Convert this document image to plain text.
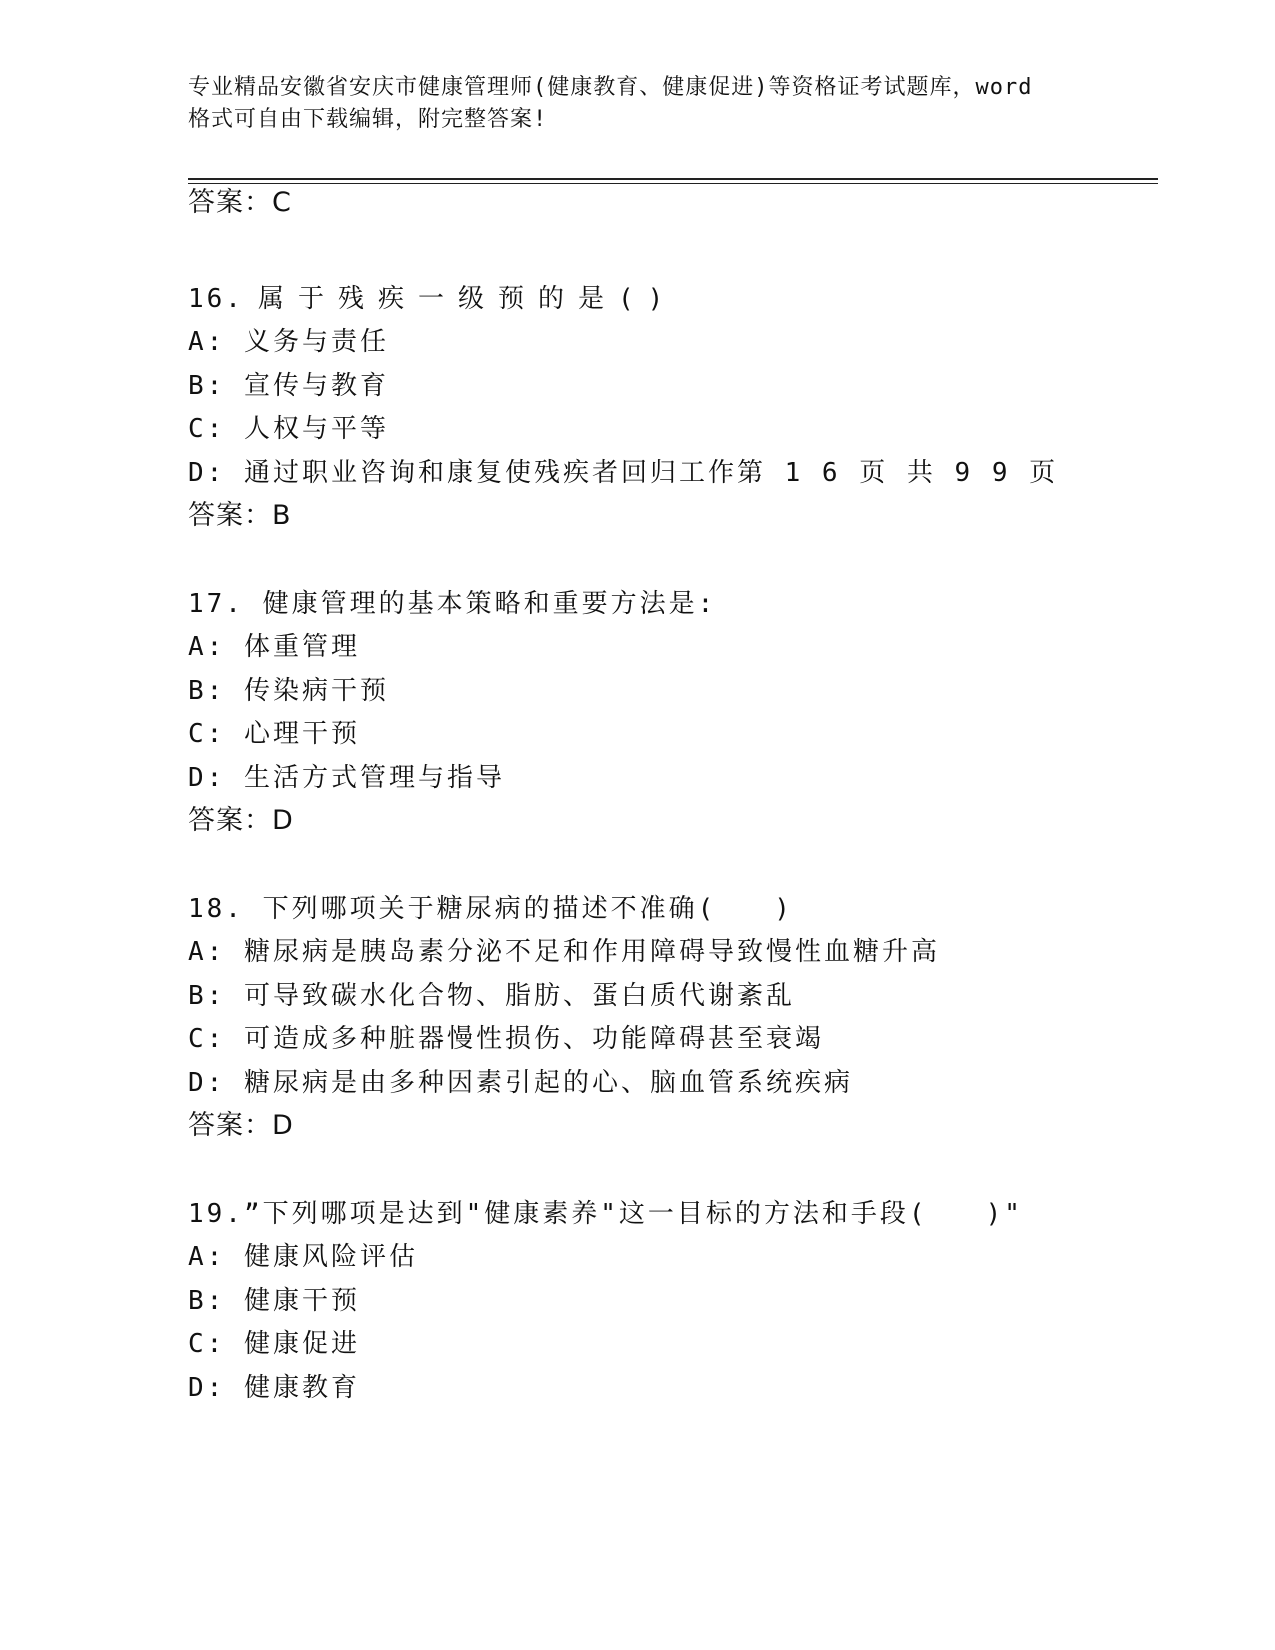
专业精品安徽省安庆市健康管理师(健康教育、健康促进)等资格证考试题库，word
格式可自由下载编辑，附完整答案!
答案：C
16. 属于残疾一级预的是()
A: 义务与责任
B: 宣传与教育
C: 人权与平等
D: 通过职业咨询和康复使残疾者回归工作第 1 6 页 共 9 9 页
答案：B
17. 健康管理的基本策略和重要方法是:
A: 体重管理
B: 传染病干预
C: 心理干预
D: 生活方式管理与指导
答案：D
18. 下列哪项关于糖尿病的描述不准确(　　)
A: 糖尿病是胰岛素分泌不足和作用障碍导致慢性血糖升高
B: 可导致碳水化合物、脂肪、蛋白质代谢紊乱
C: 可造成多种脏器慢性损伤、功能障碍甚至衰竭
D: 糖尿病是由多种因素引起的心、脑血管系统疾病
答案：D
19.”下列哪项是达到"健康素养"这一目标的方法和手段(　　)"
A: 健康风险评估
B: 健康干预
C: 健康促进
D: 健康教育
